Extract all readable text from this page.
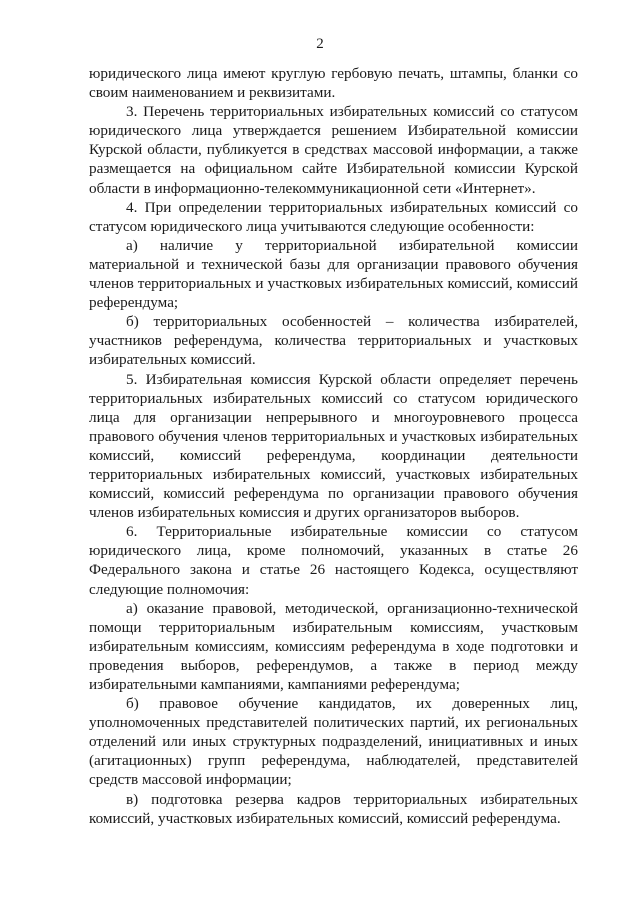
2

юридического лица имеют круглую гербовую печать, штампы, бланки со своим наименованием и реквизитами.

3. Перечень территориальных избирательных комиссий со статусом юридического лица утверждается решением Избирательной комиссии Курской области, публикуется в средствах массовой информации, а также размещается на официальном сайте Избирательной комиссии Курской области в информационно-телекоммуникационной сети «Интернет».

4. При определении территориальных избирательных комиссий со статусом юридического лица учитываются следующие особенности:

а) наличие у территориальной избирательной комиссии материальной и технической базы для организации правового обучения членов территориальных и участковых избирательных комиссий, комиссий референдума;

б) территориальных особенностей – количества избирателей, участников референдума, количества территориальных и участковых избирательных комиссий.

5. Избирательная комиссия Курской области определяет перечень территориальных избирательных комиссий со статусом юридического лица для организации непрерывного и многоуровневого процесса правового обучения членов территориальных и участковых избирательных комиссий, комиссий референдума, координации деятельности территориальных избирательных комиссий, участковых избирательных комиссий, комиссий референдума по организации правового обучения членов избирательных комиссия и других организаторов выборов.

6. Территориальные избирательные комиссии со статусом юридического лица, кроме полномочий, указанных в статье 26 Федерального закона и статье 26 настоящего Кодекса, осуществляют следующие полномочия:

а) оказание правовой, методической, организационно-технической помощи территориальным избирательным комиссиям, участковым избирательным комиссиям, комиссиям референдума в ходе подготовки и проведения выборов, референдумов, а также в период между избирательными кампаниями, кампаниями референдума;

б) правовое обучение кандидатов, их доверенных лиц, уполномоченных представителей политических партий, их региональных отделений или иных структурных подразделений, инициативных и иных (агитационных) групп референдума, наблюдателей, представителей средств массовой информации;

в) подготовка резерва кадров территориальных избирательных комиссий, участковых избирательных комиссий, комиссий референдума.
